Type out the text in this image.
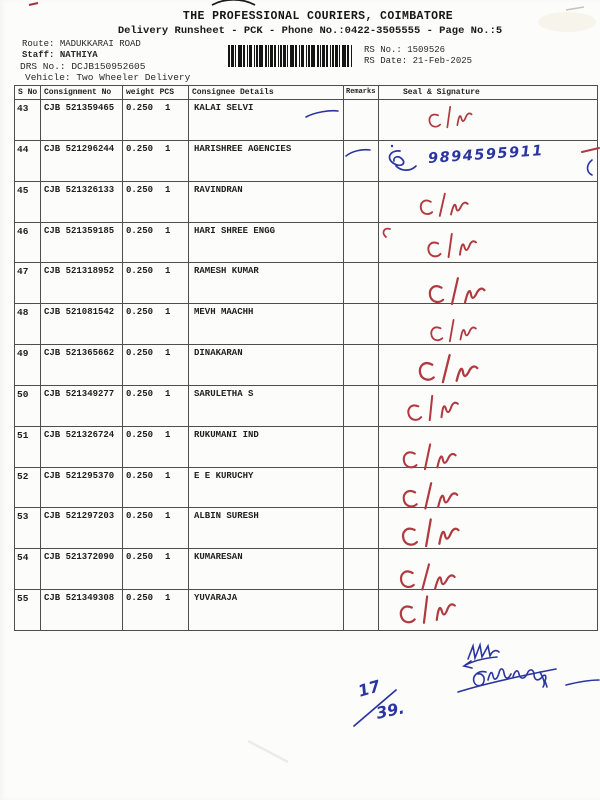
THE PROFESSIONAL COURIERS, COIMBATORE
Delivery Runsheet - PCK - Phone No.:0422-3505555 - Page No.:5
Route: MADUKKARAI ROAD
Staff: NATHIYA
DRS No.: DCJB150952605
Vehicle: Two Wheeler Delivery
RS No.: 1509526
RS Date: 21-Feb-2025
S No	Consignment No	weight PCS	Consignee Details	Remarks	Seal & Signature
43	CJB 521359465	0.250 1	KALAI SELVI		
44	CJB 521296244	0.250 1	HARISHREE AGENCIES		
45	CJB 521326133	0.250 1	RAVINDRAN		
46	CJB 521359185	0.250 1	HARI SHREE ENGG		
47	CJB 521318952	0.250 1	RAMESH KUMAR		
48	CJB 521081542	0.250 1	MEVH MAACHH		
49	CJB 521365662	0.250 1	DINAKARAN		
50	CJB 521349277	0.250 1	SARULETHA S		
51	CJB 521326724	0.250 1	RUKUMANI IND		
52	CJB 521295370	0.250 1	E E KURUCHY		
53	CJB 521297203	0.250 1	ALBIN SURESH		
54	CJB 521372090	0.250 1	KUMARESAN		
55	CJB 521349308	0.250 1	YUVARAJA		
9894595911
17
39.
